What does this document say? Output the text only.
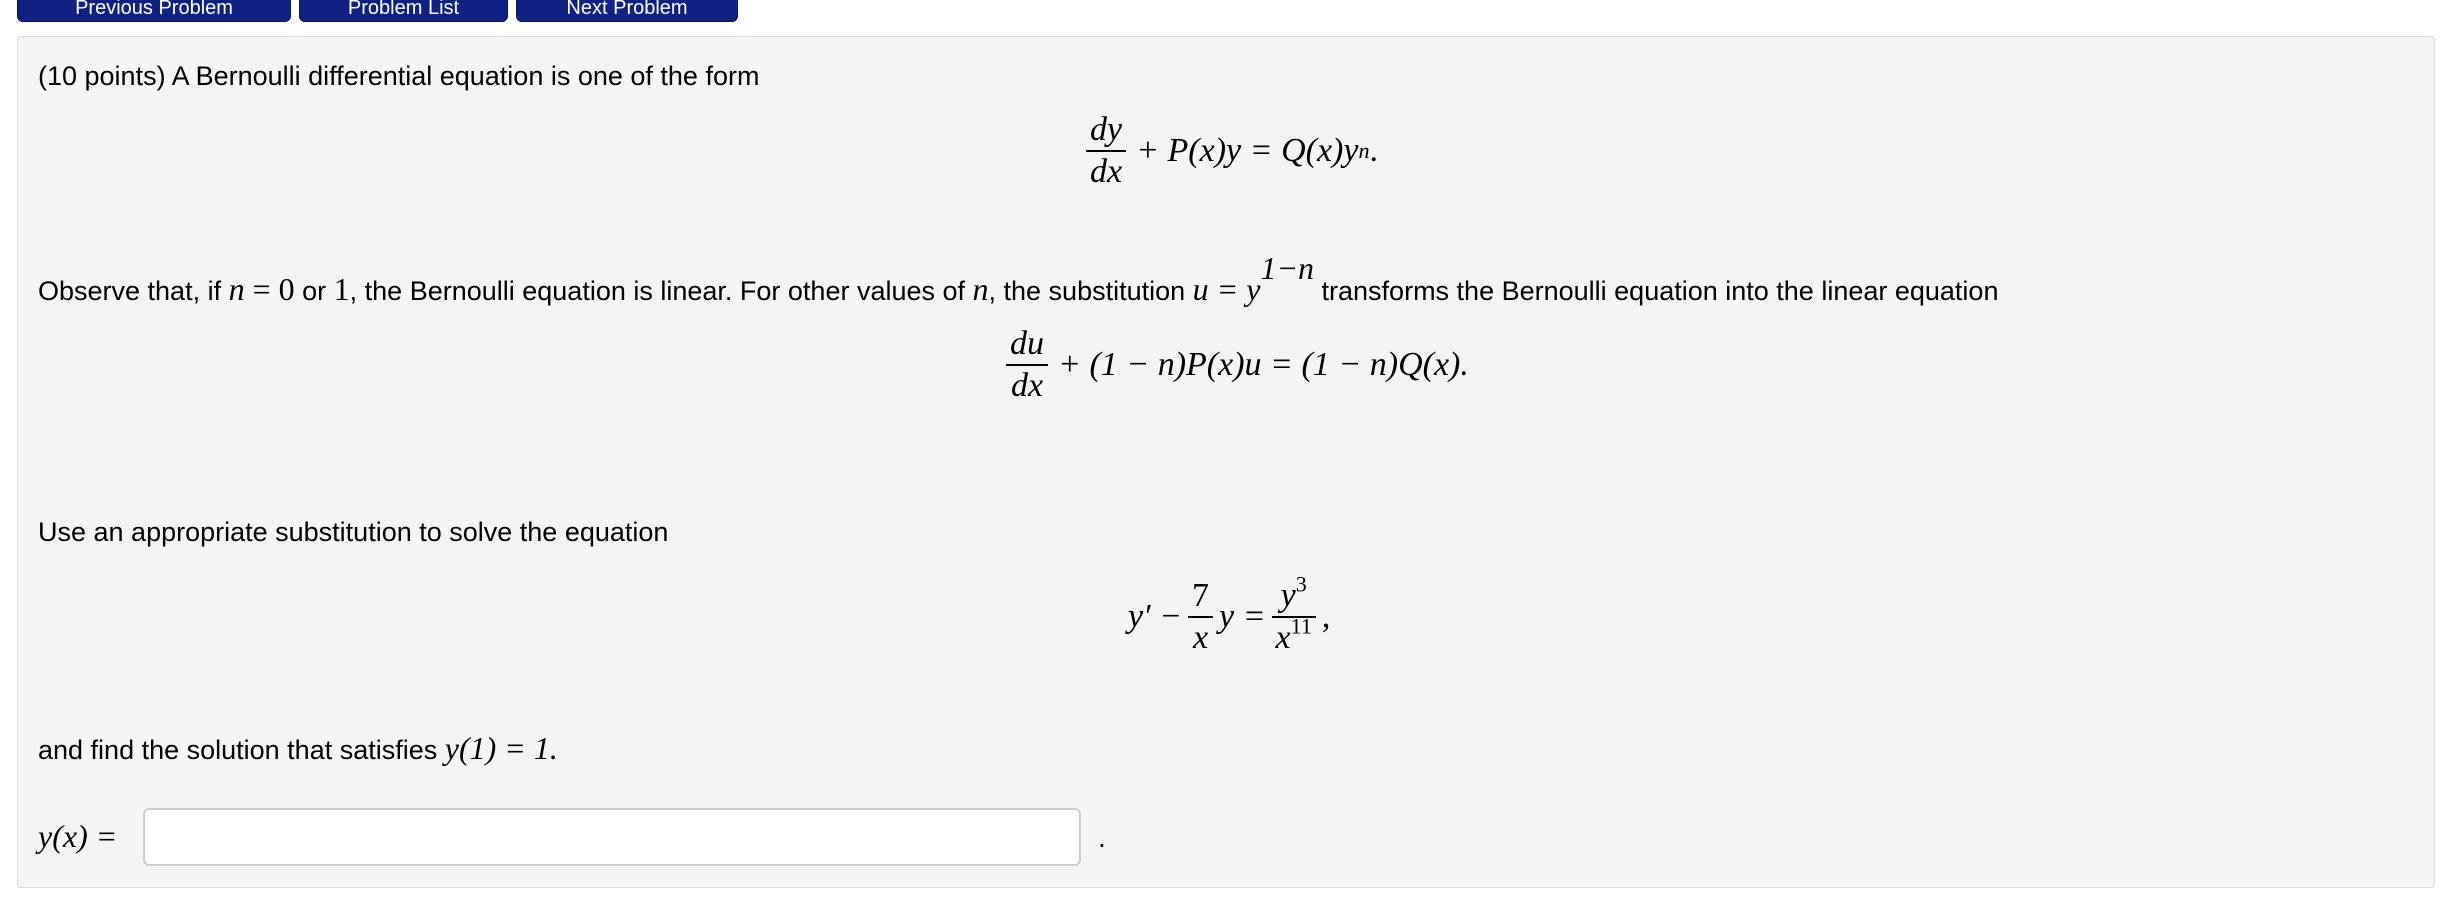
Previous Problem	Problem List	Next Problem
(10 points) A Bernoulli differential equation is one of the form
$\frac{dy}{dx} + P(x)y = Q(x)y$ n .
Observe that, if n = 0 or 1, the Bernoulli equation is linear. For other values of n, the substitution $u = y^{1-n}$ transforms the Bernoulli equation into the linear equation
$\frac{du}{dx} + (1 - n)P(x)u = (1 - n)Q(x)$.
Use an appropriate substitution to solve the equation
$y' - \frac{7}{x}$ $y = \frac{y^3}{x^{11}}$ ,
and find the solution that satisfies y(1) = 1.
y(x) =	.
